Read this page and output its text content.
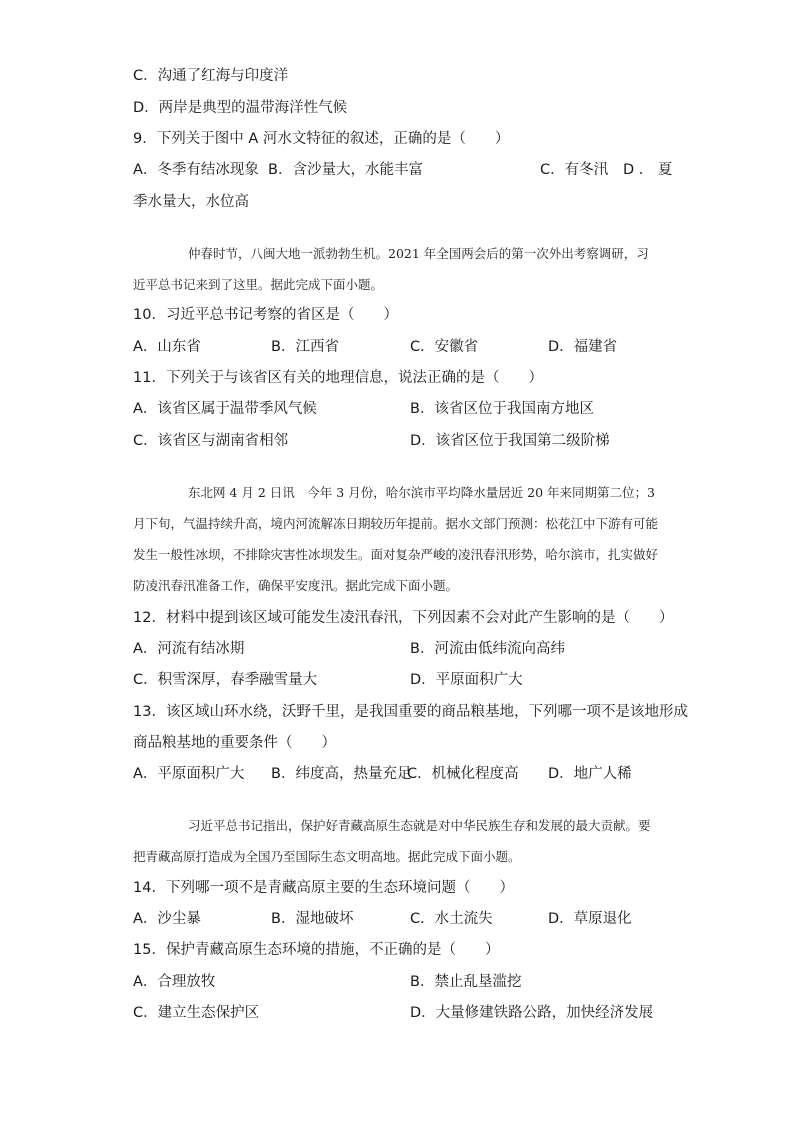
C．沟通了红海与印度洋
D．两岸是典型的温带海洋性气候
9．下列关于图中 A 河水文特征的叙述，正确的是（　　）
A．冬季有结冰现象 B．含沙量大，水能丰富	C．有冬汛 D ． 夏
季水量大，水位高

仲春时节，八闽大地一派勃勃生机。2021 年全国两会后的第一次外出考察调研，习近平总书记来到了这里。据此完成下面小题。

10．习近平总书记考察的省区是（　　）
A．山东省	B．江西省	C．安徽省	D．福建省
11．下列关于与该省区有关的地理信息，说法正确的是（　　）
A．该省区属于温带季风气候	B．该省区位于我国南方地区
C．该省区与湖南省相邻	D．该省区位于我国第二级阶梯

东北网 4 月 2 日讯　今年 3 月份，哈尔滨市平均降水量居近 20 年来同期第二位；3 月下旬，气温持续升高，境内河流解冻日期较历年提前。据水文部门预测：松花江中下游有可能发生一般性冰坝，不排除灾害性冰坝发生。面对复杂严峻的凌汛春汛形势，哈尔滨市，扎实做好防凌汛春汛准备工作，确保平安度汛。据此完成下面小题。

12．材料中提到该区域可能发生凌汛春汛，下列因素不会对此产生影响的是（　　）
A．河流有结冰期	B．河流由低纬流向高纬
C．积雪深厚，春季融雪量大	D．平原面积广大
13．该区域山环水绕，沃野千里，是我国重要的商品粮基地，下列哪一项不是该地形成
商品粮基地的重要条件（　　）
A．平原面积广大 B．纬度高，热量充足
C．机械化程度高 D．地广人稀

习近平总书记指出，保护好青藏高原生态就是对中华民族生存和发展的最大贡献。要把青藏高原打造成为全国乃至国际生态文明高地。据此完成下面小题。

14．下列哪一项不是青藏高原主要的生态环境问题（　　）
A．沙尘暴	B．湿地破坏	C．水土流失	D．草原退化
15．保护青藏高原生态环境的措施，不正确的是（　　）
A．合理放牧	B．禁止乱垦滥挖
C．建立生态保护区	D．大量修建铁路公路，加快经济发展
